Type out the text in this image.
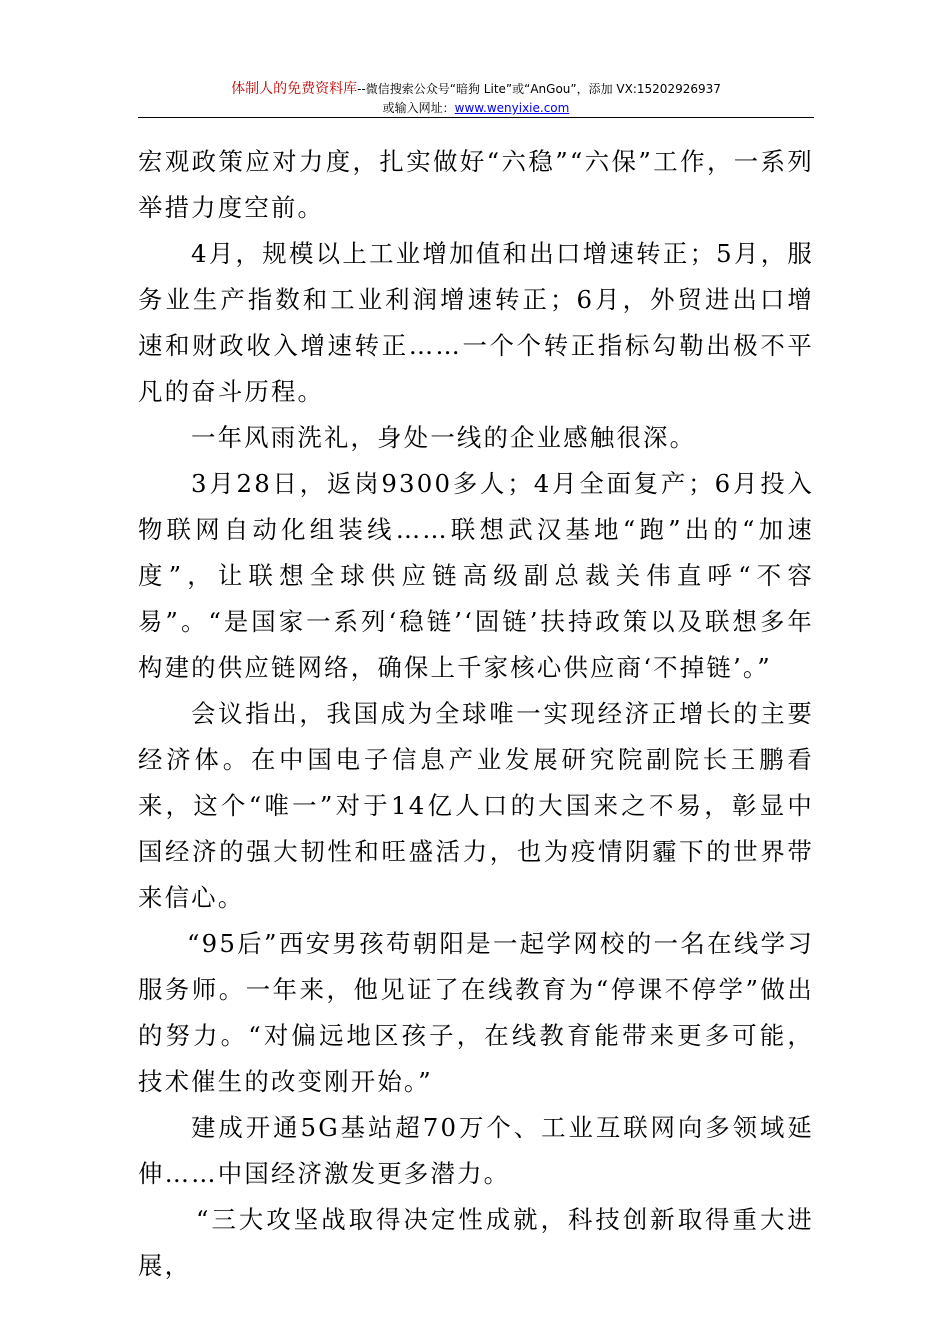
体制人的免费资料库--微信搜索公众号“暗狗 Lite”或“AnGou”，添加 VX:15202926937
或输入网址：www.wenyixie.com

宏观政策应对力度，扎实做好“六稳”“六保”工作，一系列举措力度空前。

4月，规模以上工业增加值和出口增速转正；5月，服务业生产指数和工业利润增速转正；6月，外贸进出口增速和财政收入增速转正……一个个转正指标勾勒出极不平凡的奋斗历程。

一年风雨洗礼，身处一线的企业感触很深。

3月28日，返岗9300多人；4月全面复产；6月投入物联网自动化组装线……联想武汉基地“跑”出的“加速度”，让联想全球供应链高级副总裁关伟直呼“不容易”。“是国家一系列‘稳链’‘固链’扶持政策以及联想多年构建的供应链网络，确保上千家核心供应商‘不掉链’。”

会议指出，我国成为全球唯一实现经济正增长的主要经济体。在中国电子信息产业发展研究院副院长王鹏看来，这个“唯一”对于14亿人口的大国来之不易，彰显中国经济的强大韧性和旺盛活力，也为疫情阴霾下的世界带来信心。

“95后”西安男孩苟朝阳是一起学网校的一名在线学习服务师。一年来，他见证了在线教育为“停课不停学”做出的努力。“对偏远地区孩子，在线教育能带来更多可能，技术催生的改变刚开始。”

建成开通5G基站超70万个、工业互联网向多领域延伸……中国经济激发更多潜力。

“三大攻坚战取得决定性成就，科技创新取得重大进展，
